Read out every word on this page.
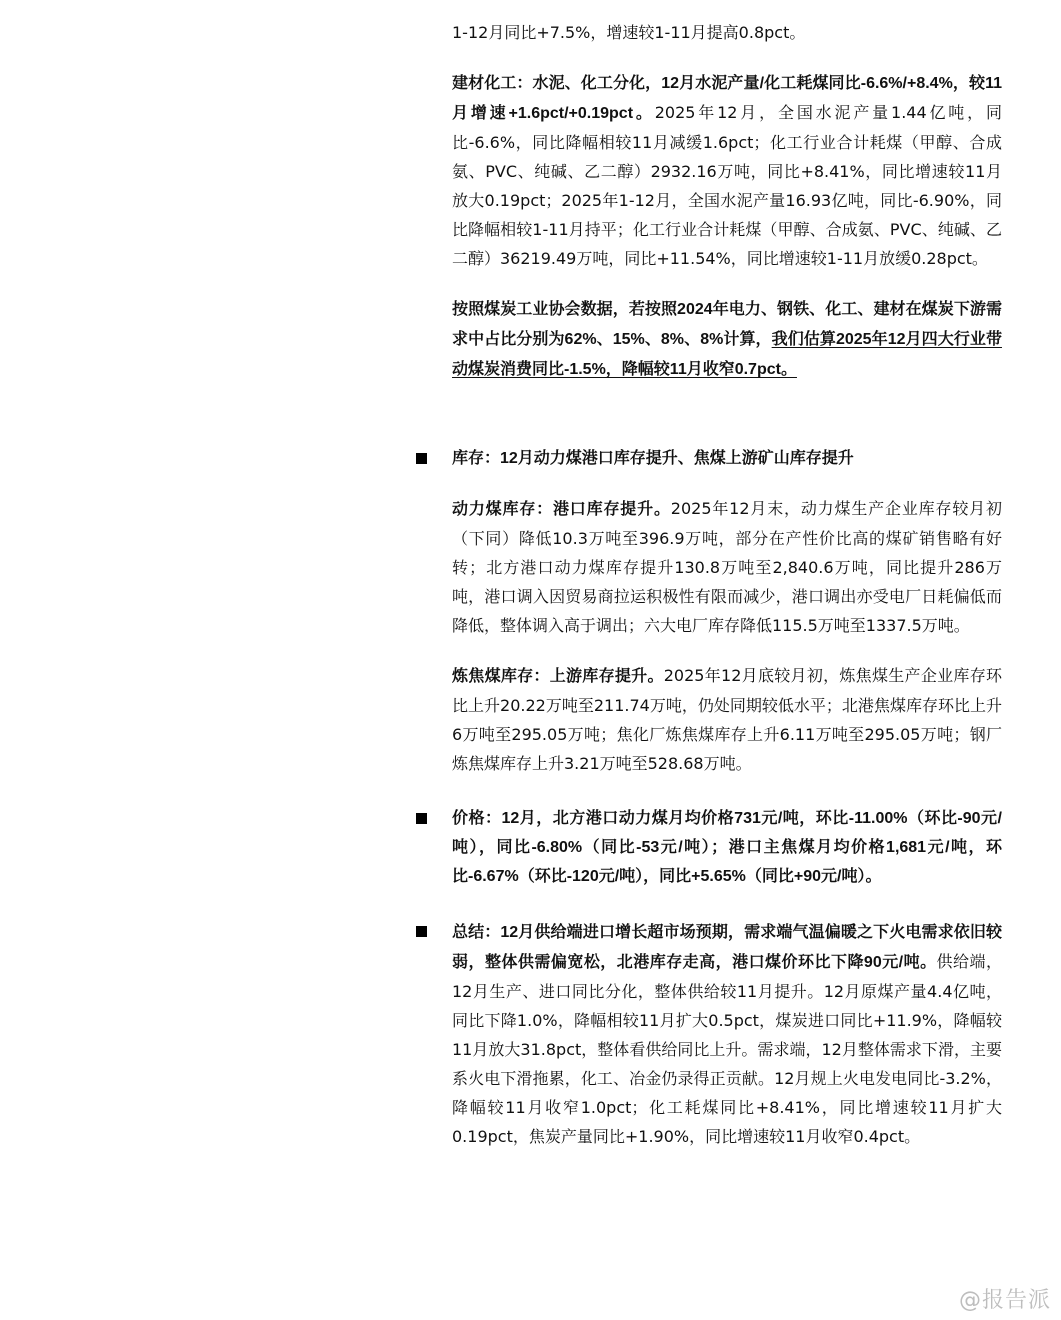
1-12月同比+7.5%，增速较1-11月提高0.8pct。

建材化工：水泥、化工分化，12月水泥产量/化工耗煤同比-6.6%/+8.4%，较11月增速+1.6pct/+0.19pct。2025年12月，全国水泥产量1.44亿吨，同比-6.6%，同比降幅相较11月减缓1.6pct；化工行业合计耗煤（甲醇、合成氨、PVC、纯碱、乙二醇）2932.16万吨，同比+8.41%，同比增速较11月放大0.19pct；2025年1-12月，全国水泥产量16.93亿吨，同比-6.90%，同比降幅相较1-11月持平；化工行业合计耗煤（甲醇、合成氨、PVC、纯碱、乙二醇）36219.49万吨，同比+11.54%，同比增速较1-11月放缓0.28pct。

按照煤炭工业协会数据，若按照2024年电力、钢铁、化工、建材在煤炭下游需求中占比分别为62%、15%、8%、8%计算，我们估算2025年12月四大行业带动煤炭消费同比-1.5%，降幅较11月收窄0.7pct。

库存：12月动力煤港口库存提升、焦煤上游矿山库存提升

动力煤库存：港口库存提升。2025年12月末，动力煤生产企业库存较月初（下同）降低10.3万吨至396.9万吨，部分在产性价比高的煤矿销售略有好转；北方港口动力煤库存提升130.8万吨至2,840.6万吨，同比提升286万吨，港口调入因贸易商拉运积极性有限而减少，港口调出亦受电厂日耗偏低而降低，整体调入高于调出；六大电厂库存降低115.5万吨至1337.5万吨。

炼焦煤库存：上游库存提升。2025年12月底较月初，炼焦煤生产企业库存环比上升20.22万吨至211.74万吨，仍处同期较低水平；北港焦煤库存环比上升6万吨至295.05万吨；焦化厂炼焦煤库存上升6.11万吨至295.05万吨；钢厂炼焦煤库存上升3.21万吨至528.68万吨。

价格：12月，北方港口动力煤月均价格731元/吨，环比-11.00%（环比-90元/吨），同比-6.80%（同比-53元/吨）；港口主焦煤月均价格1,681元/吨，环比-6.67%（环比-120元/吨），同比+5.65%（同比+90元/吨）。

总结：12月供给端进口增长超市场预期，需求端气温偏暖之下火电需求依旧较弱，整体供需偏宽松，北港库存走高，港口煤价环比下降90元/吨。供给端，12月生产、进口同比分化，整体供给较11月提升。12月原煤产量4.4亿吨，同比下降1.0%，降幅相较11月扩大0.5pct，煤炭进口同比+11.9%，降幅较11月放大31.8pct，整体看供给同比上升。需求端，12月整体需求下滑，主要系火电下滑拖累，化工、冶金仍录得正贡献。12月规上火电发电同比-3.2%，降幅较11月收窄1.0pct；化工耗煤同比+8.41%，同比增速较11月扩大0.19pct，焦炭产量同比+1.90%，同比增速较11月收窄0.4pct。

@报告派
